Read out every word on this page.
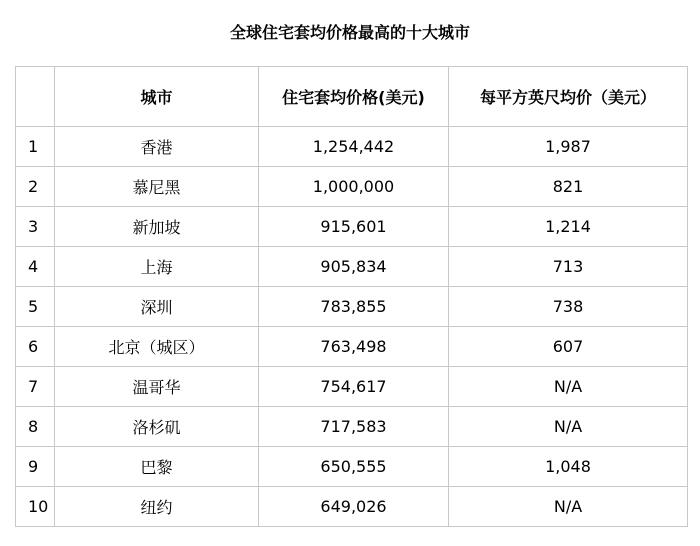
全球住宅套均价格最高的十大城市
	城市	住宅套均价格(美元)	每平方英尺均价（美元）
1	香港	1,254,442	1,987
2	慕尼黑	1,000,000	821
3	新加坡	915,601	1,214
4	上海	905,834	713
5	深圳	783,855	738
6	北京（城区）	763,498	607
7	温哥华	754,617	N/A
8	洛杉矶	717,583	N/A
9	巴黎	650,555	1,048
10	纽约	649,026	N/A
